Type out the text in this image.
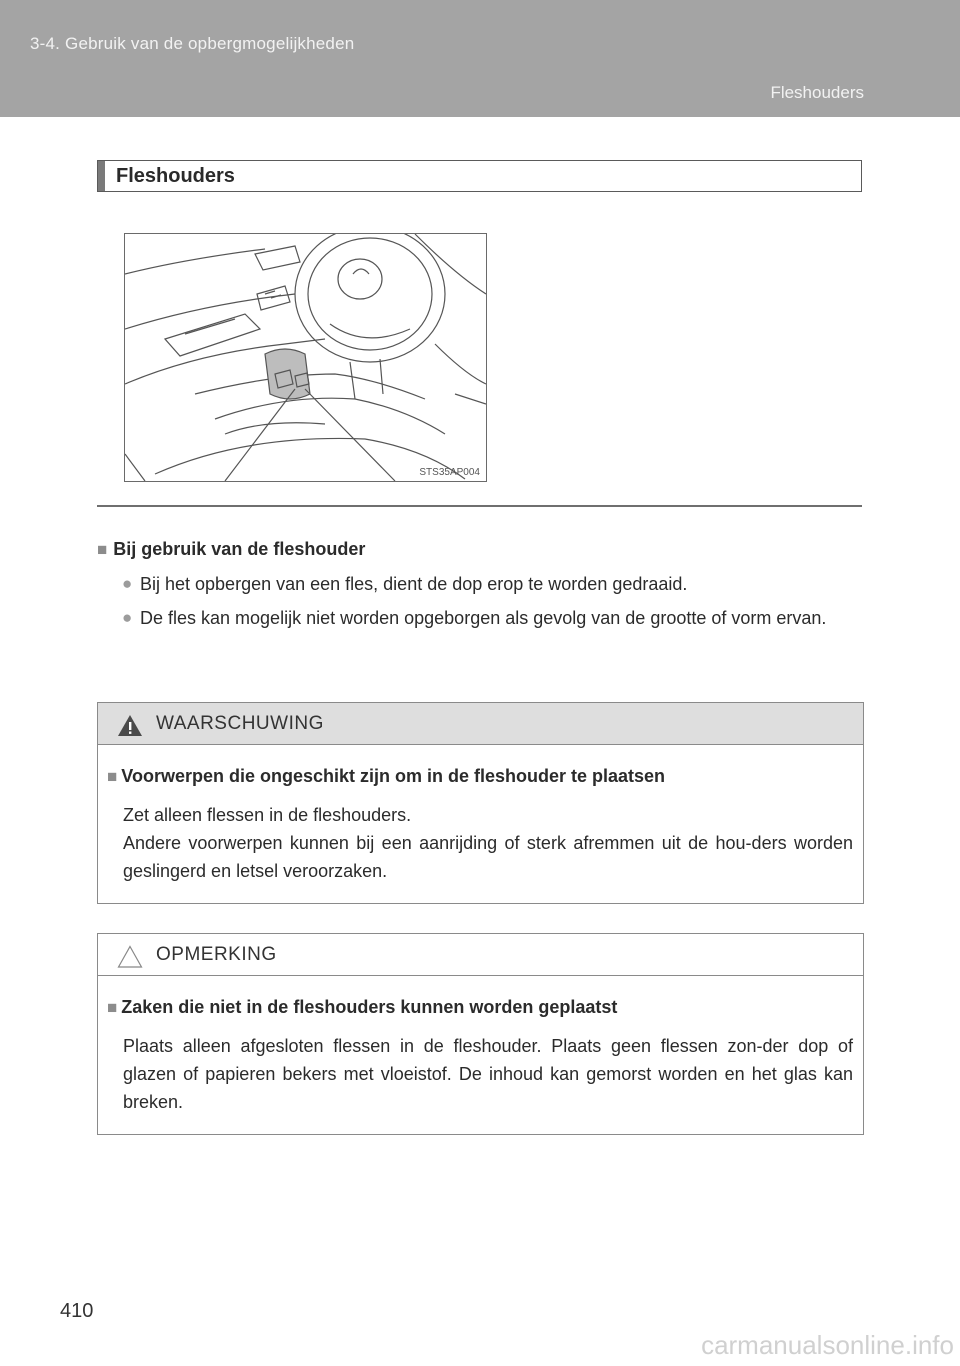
3-4. Gebruik van de opbergmogelijkheden
Fleshouders
Fleshouders
STS35AP004
■ Bij gebruik van de fleshouder
● Bij het opbergen van een fles, dient de dop erop te worden gedraaid.
● De fles kan mogelijk niet worden opgeborgen als gevolg van de grootte of vorm ervan.
WAARSCHUWING
■ Voorwerpen die ongeschikt zijn om in de fleshouder te plaatsen
Zet alleen flessen in de fleshouders.
Andere voorwerpen kunnen bij een aanrijding of sterk afremmen uit de hou-ders worden geslingerd en letsel veroorzaken.
OPMERKING
■ Zaken die niet in de fleshouders kunnen worden geplaatst
Plaats alleen afgesloten flessen in de fleshouder. Plaats geen flessen zon-der dop of glazen of papieren bekers met vloeistof. De inhoud kan gemorst worden en het glas kan breken.
410
carmanualsonline.info
